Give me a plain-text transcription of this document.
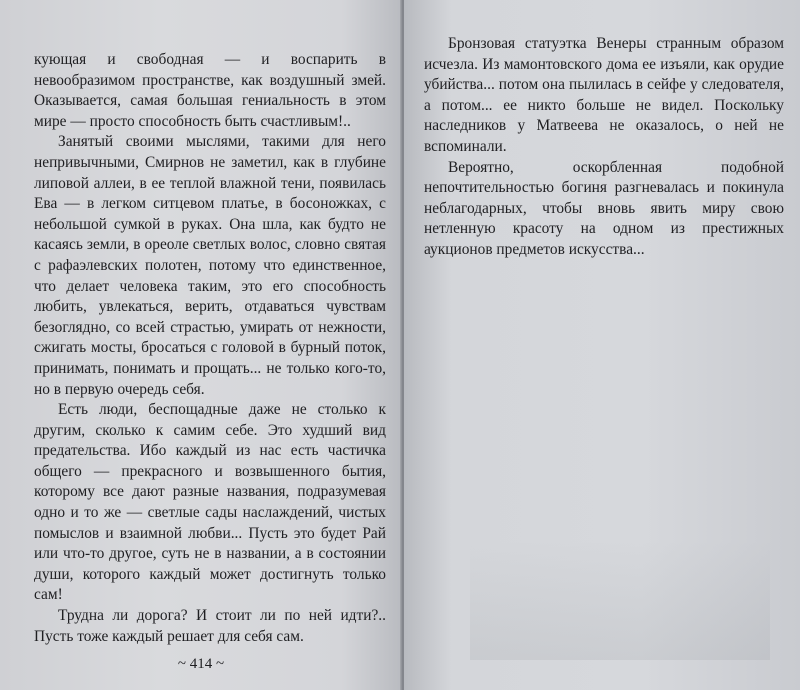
кующая и свободная — и воспарить в невообразимом пространстве, как воздушный змей. Оказывается, самая большая гениальность в этом мире — просто способность быть счастливым!..

Занятый своими мыслями, такими для него непривычными, Смирнов не заметил, как в глубине липовой аллеи, в ее теплой влажной тени, появилась Ева — в легком ситцевом платье, в босоножках, с небольшой сумкой в руках. Она шла, как будто не касаясь земли, в ореоле светлых волос, словно святая с рафаэлевских полотен, потому что единственное, что делает человека таким, это его способность любить, увлекаться, верить, отдаваться чувствам безоглядно, со всей страстью, умирать от нежности, сжигать мосты, бросаться с головой в бурный поток, принимать, понимать и прощать... не только кого-то, но в первую очередь себя.

Есть люди, беспощадные даже не столько к другим, сколько к самим себе. Это худший вид предательства. Ибо каждый из нас есть частичка общего — прекрасного и возвышенного бытия, которому все дают разные названия, подразумевая одно и то же — светлые сады наслаждений, чистых помыслов и взаимной любви... Пусть это будет Рай или что-то другое, суть не в названии, а в состоянии души, которого каждый может достигнуть только сам!

Трудна ли дорога? И стоит ли по ней идти?.. Пусть тоже каждый решает для себя сам.

~ 414 ~

Бронзовая статуэтка Венеры странным образом исчезла. Из мамонтовского дома ее изъяли, как орудие убийства... потом она пылилась в сейфе у следователя, а потом... ее никто больше не видел. Поскольку наследников у Матвеева не оказалось, о ней не вспоминали.

Вероятно, оскорбленная подобной непочтительностью богиня разгневалась и покинула неблагодарных, чтобы вновь явить миру свою нетленную красоту на одном из престижных аукционов предметов искусства...
